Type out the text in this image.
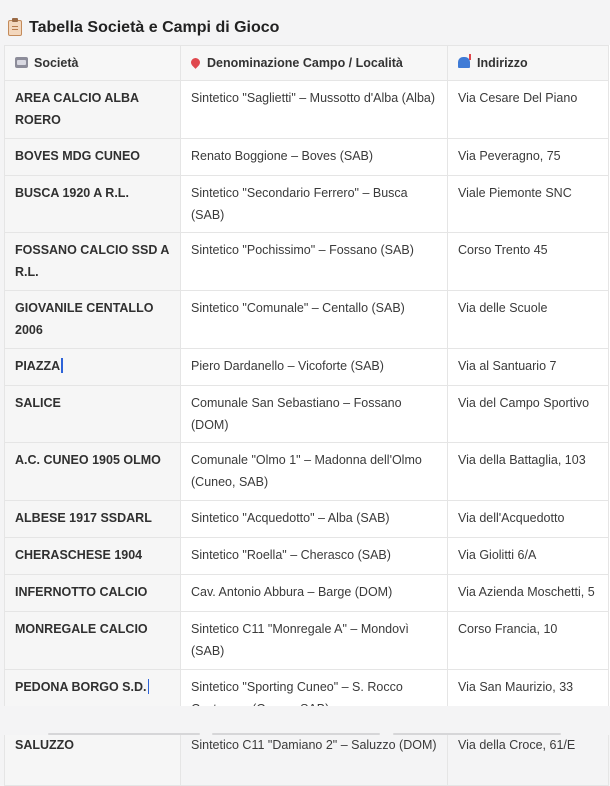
Tabella Società e Campi di Gioco
Società	Denominazione Campo / Località	Indirizzo
AREA CALCIO ALBA ROERO	Sintetico "Saglietti" – Mussotto d'Alba (Alba)	Via Cesare Del Piano
BOVES MDG CUNEO	Renato Boggione – Boves (SAB)	Via Peveragno, 75
BUSCA 1920 A R.L.	Sintetico "Secondario Ferrero" – Busca (SAB)	Viale Piemonte SNC
FOSSANO CALCIO SSD A R.L.	Sintetico "Pochissimo" – Fossano (SAB)	Corso Trento 45
GIOVANILE CENTALLO 2006	Sintetico "Comunale" – Centallo (SAB)	Via delle Scuole
PIAZZA	Piero Dardanello – Vicoforte (SAB)	Via al Santuario 7
SALICE	Comunale San Sebastiano – Fossano (DOM)	Via del Campo Sportivo
A.C. CUNEO 1905 OLMO	Comunale "Olmo 1" – Madonna dell'Olmo (Cuneo, SAB)	Via della Battaglia, 103
ALBESE 1917 SSDARL	Sintetico "Acquedotto" – Alba (SAB)	Via dell'Acquedotto
CHERASCHESE 1904	Sintetico "Roella" – Cherasco (SAB)	Via Giolitti 6/A
INFERNOTTO CALCIO	Cav. Antonio Abbura – Barge (DOM)	Via Azienda Moschetti, 5
MONREGALE CALCIO	Sintetico C11 "Monregale A" – Mondovì (SAB)	Corso Francia, 10
PEDONA BORGO S.D.	Sintetico "Sporting Cuneo" – S. Rocco	Via San Maurizio, 33
SALUZZO	Sintetico C11 "Damiano 2" – Saluzzo (DOM)	Via della Croce, 61/E
